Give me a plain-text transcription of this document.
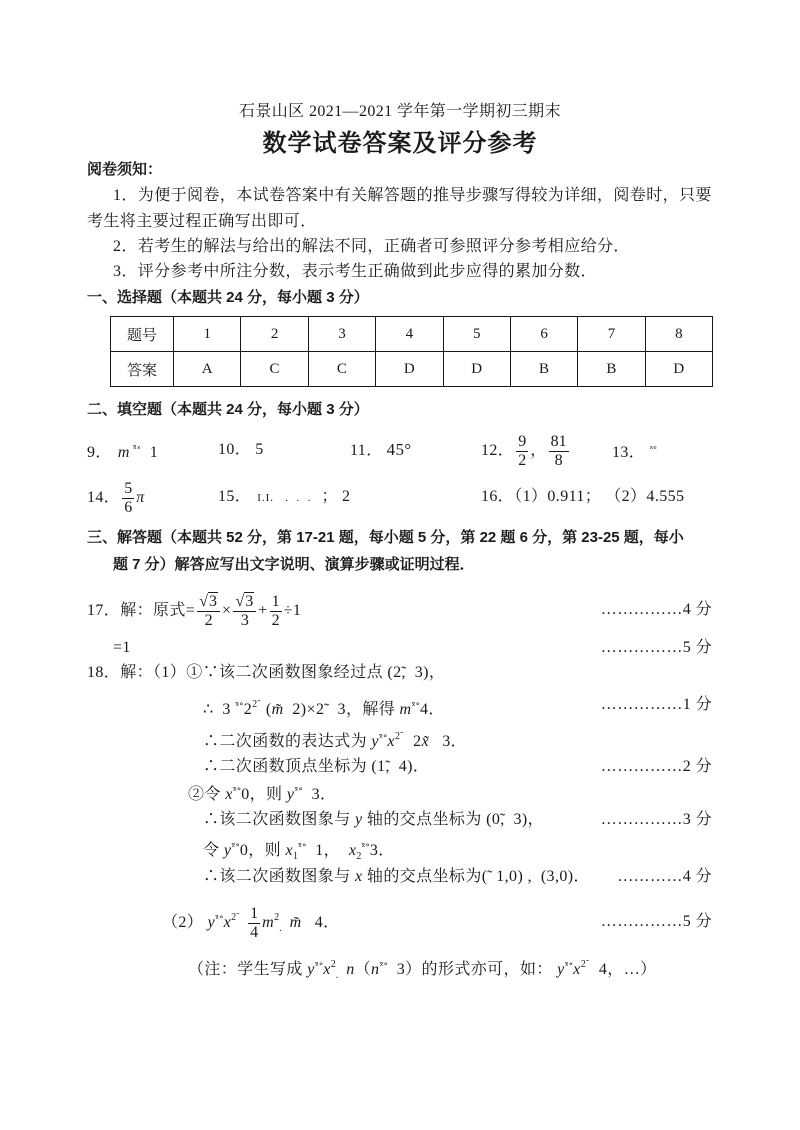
石景山区 2021—2021 学年第一学期初三期末
数学试卷答案及评分参考
阅卷须知：
1．为便于阅卷，本试卷答案中有关解答题的推导步骤写得较为详细，阅卷时，只要
考生将主要过程正确写出即可．
2．若考生的解法与给出的解法不同，正确者可参照评分参考相应给分．
3．评分参考中所注分数，表示考生正确做到此步应得的累加分数．
一、选择题（本题共 24 分，每小题 3 分）
题号	1	2	3	4	5	6	7	8
答案	A	C	C	D	D	B	B	D
二、填空题（本题共 24 分，每小题 3 分）
9． m $^{ˣ̃ˣ}$ 1	10． 5	11． 45°	12． $\frac{9}{2}$ ， $\frac{81}{8}$	13． $^{ˣᵉ}$
14． $\frac{5}{6}$ π	15． I.I.   .  .  . ； 2	16．（1）0.911； （2）4.555
三、解答题（本题共 52 分，第 17-21 题，每小题 5 分，第 22 题 6 分，第 23-25 题，每小
题 7 分）解答应写出文字说明、演算步骤或证明过程．
17．解：原式= $\frac{√3}{2} \times \frac{√3}{3} + \frac{1}{2} \div 1$	……………4 分
=1	……………5 分
18．解：（1）①∵该二次函数图象经过点 (2̃,  3)，
∴  3 $^{ˣ̃^\circ}2^{2̃}$  (m̃  2)×2̃   3，解得 $m^{ˣ̃^\circ}4$．	……………1 分
∴二次函数的表达式为 $y^{ˣ̃^\circ}x^{2̃}$   2x̃   3．
∴二次函数顶点坐标为 (1̃,  4)．	……………2 分
②令 $x^{ˣ̃^\circ}0$，则 $y^{ˣ̃^\circ}$  3．
∴该二次函数图象与 y 轴的交点坐标为 (0̃,  3)，	……………3 分
令 $y^{ˣ̃^\circ}0$，则 $x_1^{ˣ̃^\circ}$  1，  $x_2^{ˣ̃^\circ}3$．
∴该二次函数图象与 x 轴的交点坐标为(̃  1,0) ,  (3,0)． …………4 分
（2） $y^{ˣ̃^\circ}x^{2̃} \frac{1}{4} m^2_.$ m̃   4．	……………5 分
（注：学生写成 $y^{ˣ̃^\circ}x^2_.$ $n(n^{ˣ̃^\circ}$  3）的形式亦可，如： $y^{ˣ̃^\circ}x^{2̃}$   4，…）
